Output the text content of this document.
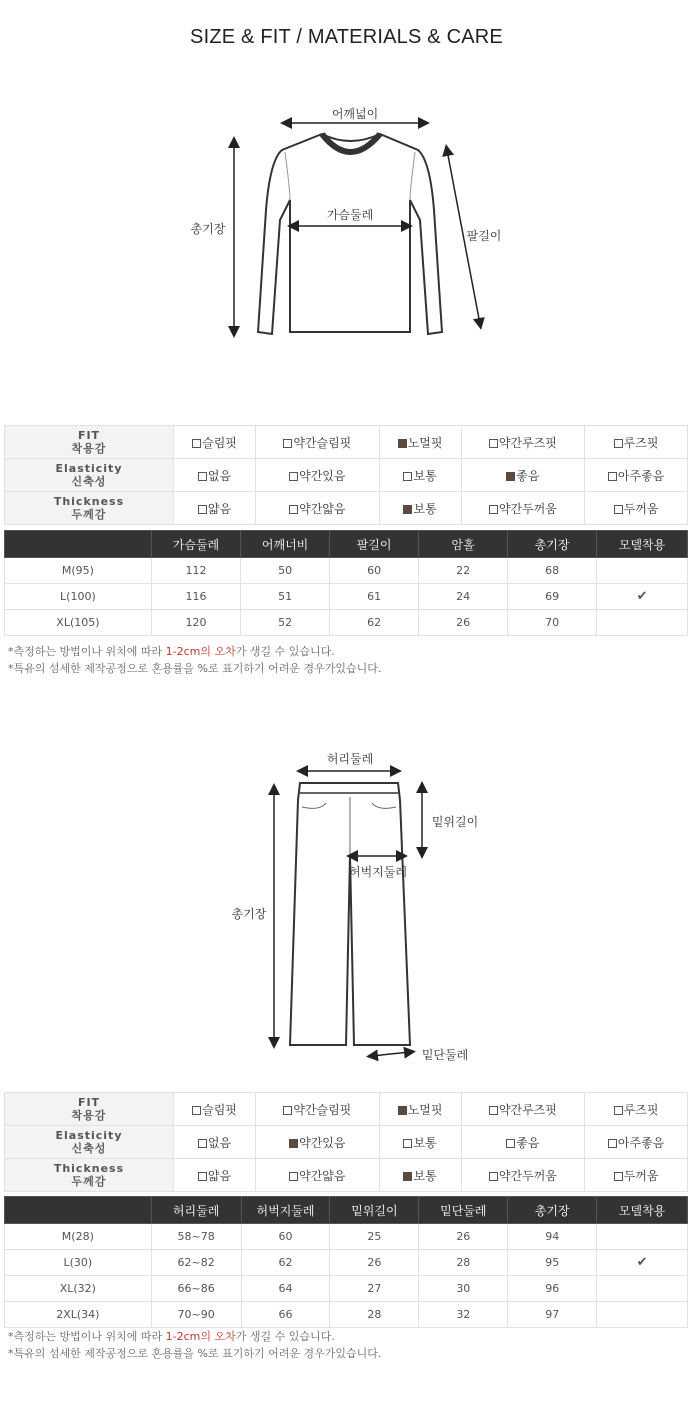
SIZE & FIT / MATERIALS & CARE
어깨넓이
가슴둘레
총기장	팔길이
FIT
착용감	슬림핏	약간슬림핏	노멀핏	약간루즈핏	루즈핏

Elasticity
신축성	없음	약간있음	보통	좋음	아주좋음

Thickness
두께감	얇음	약간얇음	보통	약간두꺼움	두꺼움
	가슴둘레	어깨너비	팔길이	암홀	총기장	모델착용
M(95)	112	50	60	22	68	
L(100)	116	51	61	24	69	✔
XL(105)	120	52	62	26	70	
*측정하는 방법이나 위치에 따라 1-2cm의 오차가 생길 수 있습니다.
*특유의 섬세한 제작공정으로 혼용률을 %로 표기하기 어려운 경우가있습니다.
허리둘레
밑위길이
허벅지둘레
총기장
밑단둘레
FIT
착용감	슬림핏	약간슬림핏	노멀핏	약간루즈핏	루즈핏

Elasticity
신축성	없음	약간있음	보통	좋음	아주좋음

Thickness
두께감	얇음	약간얇음	보통	약간두꺼움	두꺼움
	허리둘레	허벅지둘레	밑위길이	밑단둘레	총기장	모델착용
M(28)	58~78	60	25	26	94	
L(30)	62~82	62	26	28	95	✔
XL(32)	66~86	64	27	30	96	
2XL(34)	70~90	66	28	32	97	
*측정하는 방법이나 위치에 따라 1-2cm의 오차가 생길 수 있습니다.
*특유의 섬세한 제작공정으로 혼용률을 %로 표기하기 어려운 경우가있습니다.
